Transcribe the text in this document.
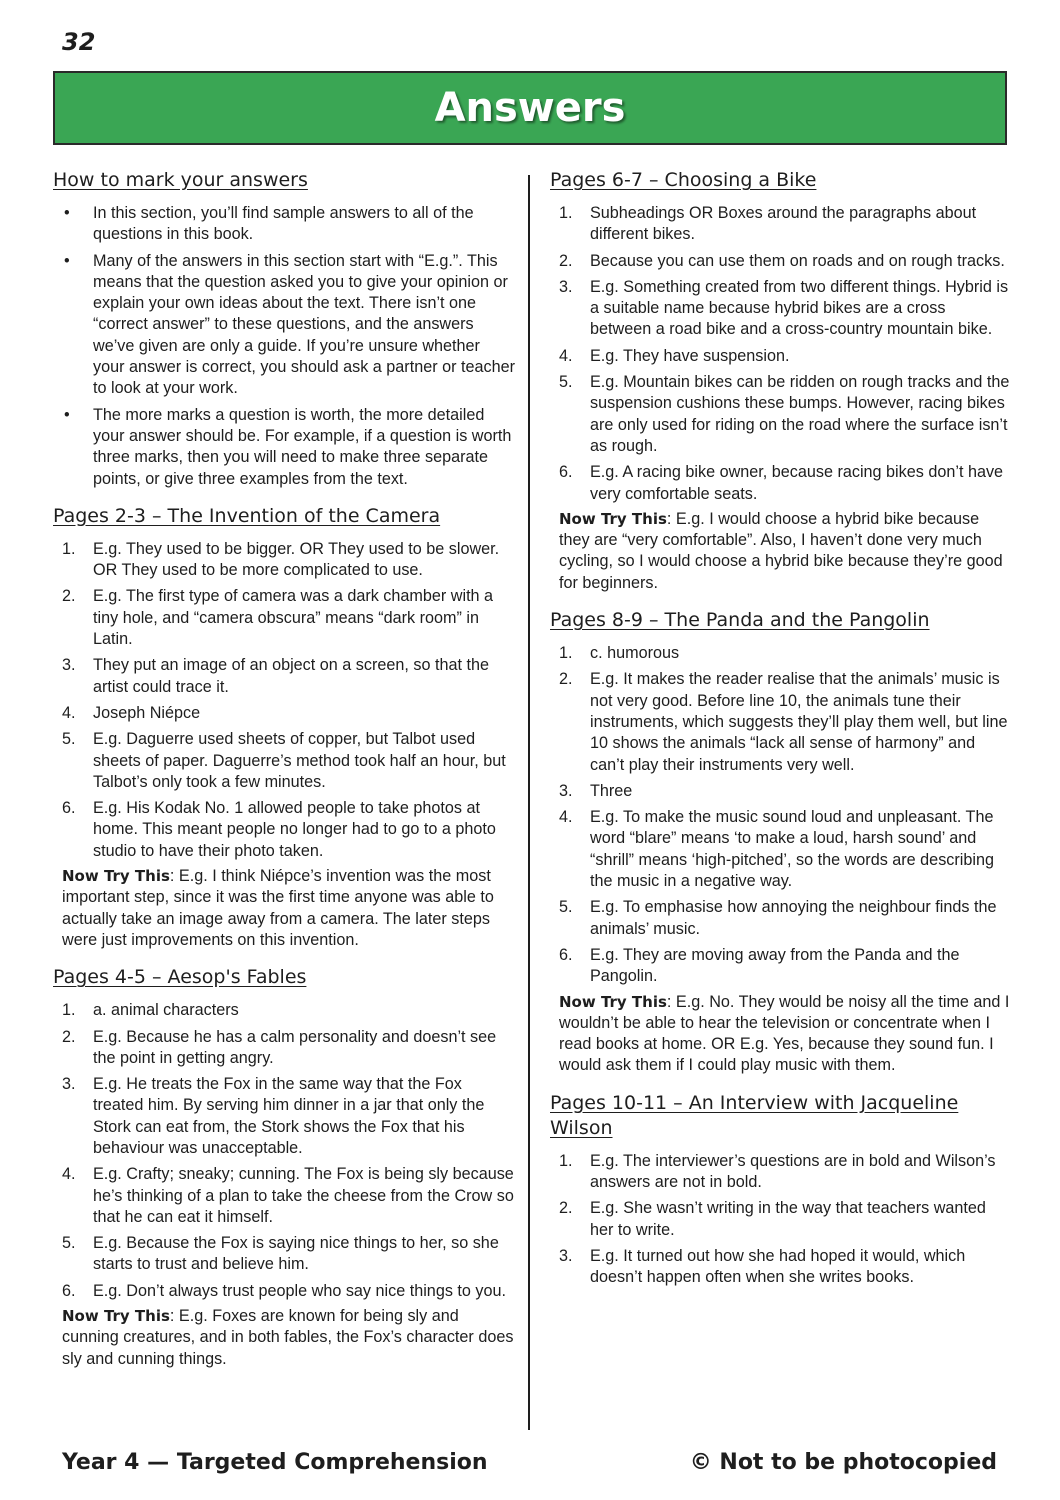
32
Answers
How to mark your answers
• In this section, you’ll find sample answers to all of the questions in this book.
• Many of the answers in this section start with “E.g.”. This means that the question asked you to give your opinion or explain your own ideas about the text. There isn’t one “correct answer” to these questions, and the answers we’ve given are only a guide. If you’re unsure whether your answer is correct, you should ask a partner or teacher to look at your work.
• The more marks a question is worth, the more detailed your answer should be. For example, if a question is worth three marks, then you will need to make three separate points, or give three examples from the text.
Pages 2-3 – The Invention of the Camera
1. E.g. They used to be bigger. OR They used to be slower. OR They used to be more complicated to use.
2. E.g. The first type of camera was a dark chamber with a tiny hole, and “camera obscura” means “dark room” in Latin.
3. They put an image of an object on a screen, so that the artist could trace it.
4. Joseph Niépce
5. E.g. Daguerre used sheets of copper, but Talbot used sheets of paper. Daguerre’s method took half an hour, but Talbot’s only took a few minutes.
6. E.g. His Kodak No. 1 allowed people to take photos at home. This meant people no longer had to go to a photo studio to have their photo taken.
Now Try This: E.g. I think Niépce’s invention was the most important step, since it was the first time anyone was able to actually take an image away from a camera. The later steps were just improvements on this invention.
Pages 4-5 – Aesop's Fables
1. a. animal characters
2. E.g. Because he has a calm personality and doesn’t see the point in getting angry.
3. E.g. He treats the Fox in the same way that the Fox treated him. By serving him dinner in a jar that only the Stork can eat from, the Stork shows the Fox that his behaviour was unacceptable.
4. E.g. Crafty; sneaky; cunning. The Fox is being sly because he’s thinking of a plan to take the cheese from the Crow so that he can eat it himself.
5. E.g. Because the Fox is saying nice things to her, so she starts to trust and believe him.
6. E.g. Don’t always trust people who say nice things to you.
Now Try This: E.g. Foxes are known for being sly and cunning creatures, and in both fables, the Fox’s character does sly and cunning things.
Pages 6-7 – Choosing a Bike
1. Subheadings OR Boxes around the paragraphs about different bikes.
2. Because you can use them on roads and on rough tracks.
3. E.g. Something created from two different things. Hybrid is a suitable name because hybrid bikes are a cross between a road bike and a cross-country mountain bike.
4. E.g. They have suspension.
5. E.g. Mountain bikes can be ridden on rough tracks and the suspension cushions these bumps. However, racing bikes are only used for riding on the road where the surface isn’t as rough.
6. E.g. A racing bike owner, because racing bikes don’t have very comfortable seats.
Now Try This: E.g. I would choose a hybrid bike because they are “very comfortable”. Also, I haven’t done very much cycling, so I would choose a hybrid bike because they’re good for beginners.
Pages 8-9 – The Panda and the Pangolin
1. c. humorous
2. E.g. It makes the reader realise that the animals’ music is not very good. Before line 10, the animals tune their instruments, which suggests they’ll play them well, but line 10 shows the animals “lack all sense of harmony” and can’t play their instruments very well.
3. Three
4. E.g. To make the music sound loud and unpleasant. The word “blare” means ‘to make a loud, harsh sound’ and “shrill” means ‘high-pitched’, so the words are describing the music in a negative way.
5. E.g. To emphasise how annoying the neighbour finds the animals’ music.
6. E.g. They are moving away from the Panda and the Pangolin.
Now Try This: E.g. No. They would be noisy all the time and I wouldn’t be able to hear the television or concentrate when I read books at home. OR E.g. Yes, because they sound fun. I would ask them if I could play music with them.
Pages 10-11 – An Interview with Jacqueline Wilson
1. E.g. The interviewer’s questions are in bold and Wilson’s answers are not in bold.
2. E.g. She wasn’t writing in the way that teachers wanted her to write.
3. E.g. It turned out how she had hoped it would, which doesn’t happen often when she writes books.
Year 4 — Targeted Comprehension	© Not to be photocopied
